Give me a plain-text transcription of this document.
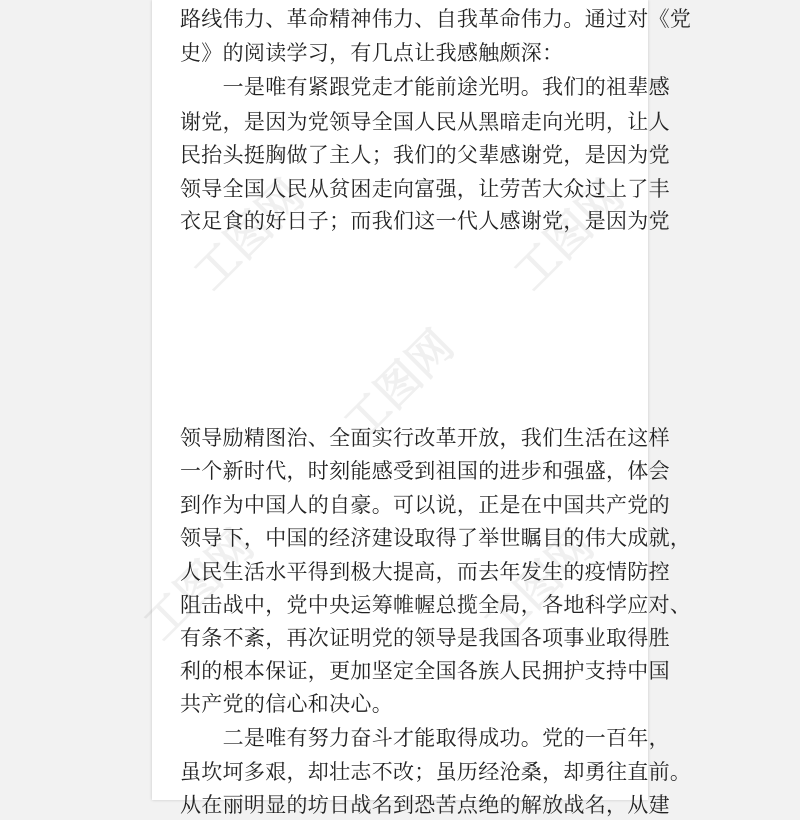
工图网	工图网
工图网
工图网	工图网
路线伟力、革命精神伟力、自我革命伟力。通过对《党
史》的阅读学习，有几点让我感触颇深：
　　一是唯有紧跟党走才能前途光明。我们的祖辈感
谢党，是因为党领导全国人民从黑暗走向光明，让人
民抬头挺胸做了主人；我们的父辈感谢党，是因为党
领导全国人民从贫困走向富强，让劳苦大众过上了丰
衣足食的好日子；而我们这一代人感谢党，是因为党
领导励精图治、全面实行改革开放，我们生活在这样
一个新时代，时刻能感受到祖国的进步和强盛，体会
到作为中国人的自豪。可以说，正是在中国共产党的
领导下，中国的经济建设取得了举世瞩目的伟大成就，
人民生活水平得到极大提高，而去年发生的疫情防控
阻击战中，党中央运筹帷幄总揽全局，各地科学应对、
有条不紊，再次证明党的领导是我国各项事业取得胜
利的根本保证，更加坚定全国各族人民拥护支持中国
共产党的信心和决心。
　　二是唯有努力奋斗才能取得成功。党的一百年，
虽坎坷多艰，却壮志不改；虽历经沧桑，却勇往直前。
从在丽明显的坊日战名到恐苦点绝的解放战名，从建
